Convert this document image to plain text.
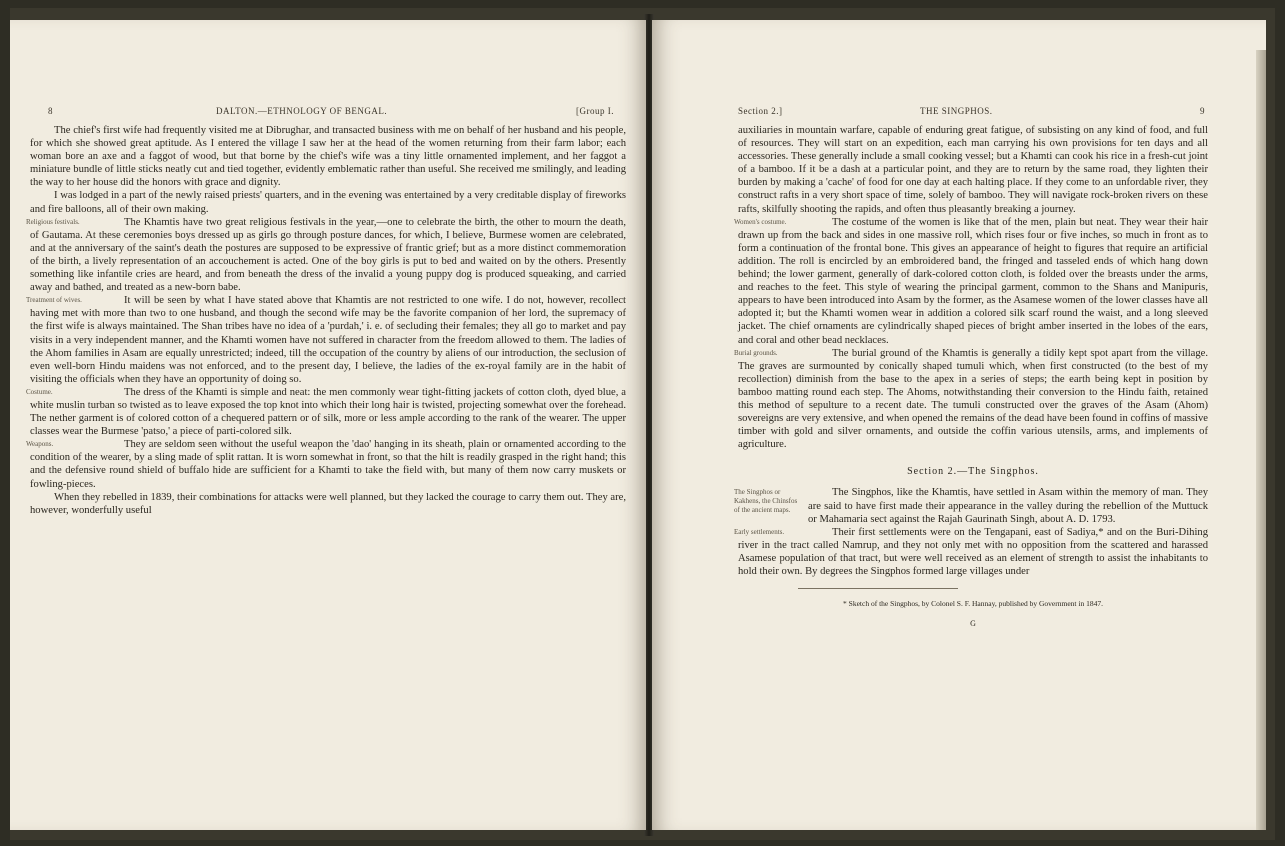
8	DALTON.—ETHNOLOGY OF BENGAL.	[Group I.

The chief's first wife had frequently visited me at Dibrughar, and transacted business with me on behalf of her husband and his people, for which she showed great aptitude. As I entered the village I saw her at the head of the women returning from their farm labor; each woman bore an axe and a faggot of wood, but that borne by the chief's wife was a tiny little ornamented implement, and her faggot a miniature bundle of little sticks neatly cut and tied together, evidently emblematic rather than useful. She received me smilingly, and leading the way to her house did the honors with grace and dignity.

I was lodged in a part of the newly raised priests' quarters, and in the evening was entertained by a very creditable display of fireworks and fire balloons, all of their own making.

Religious festivals.	The Khamtis have two great religious festivals in the year,—one to celebrate the birth, the other to mourn the death, of Gautama. At these ceremonies boys dressed up as girls go through posture dances, for which, I believe, Burmese women are celebrated, and at the anniversary of the saint's death the postures are supposed to be expressive of frantic grief; but as a more distinct commemoration of the birth, a lively representation of an accouchement is acted. One of the boy girls is put to bed and waited on by the others. Presently something like infantile cries are heard, and from beneath the dress of the invalid a young puppy dog is produced squeaking, and carried away and bathed, and treated as a new-born babe.

Treatment of wives.	It will be seen by what I have stated above that Khamtis are not restricted to one wife. I do not, however, recollect having met with more than two to one husband, and though the second wife may be the favorite companion of her lord, the supremacy of the first wife is always maintained. The Shan tribes have no idea of a 'purdah,' i. e. of secluding their females; they all go to market and pay visits in a very independent manner, and the Khamti women have not suffered in character from the freedom allowed to them. The ladies of the Ahom families in Asam are equally unrestricted; indeed, till the occupation of the country by aliens of our introduction, the seclusion of even well-born Hindu maidens was not enforced, and to the present day, I believe, the ladies of the ex-royal family are in the habit of visiting the officials when they have an opportunity of doing so.

Costume.	The dress of the Khamti is simple and neat: the men commonly wear tight-fitting jackets of cotton cloth, dyed blue, a white muslin turban so twisted as to leave exposed the top knot into which their long hair is twisted, projecting somewhat over the forehead. The nether garment is of colored cotton of a chequered pattern or of silk, more or less ample according to the rank of the wearer. The upper classes wear the Burmese 'patso,' a piece of parti-colored silk.

Weapons.	They are seldom seen without the useful weapon the 'dao' hanging in its sheath, plain or ornamented according to the condition of the wearer, by a sling made of split rattan. It is worn somewhat in front, so that the hilt is readily grasped in the right hand; this and the defensive round shield of buffalo hide are sufficient for a Khamti to take the field with, but many of them now carry muskets or fowling-pieces.

When they rebelled in 1839, their combinations for attacks were well planned, but they lacked the courage to carry them out. They are, however, wonderfully useful

Section 2.]	THE SINGPHOS.	9

auxiliaries in mountain warfare, capable of enduring great fatigue, of subsisting on any kind of food, and full of resources. They will start on an expedition, each man carrying his own provisions for ten days and all accessories. These generally include a small cooking vessel; but a Khamti can cook his rice in a fresh-cut joint of a bamboo. If it be a dash at a particular point, and they are to return by the same road, they lighten their burden by making a 'cache' of food for one day at each halting place. If they come to an unfordable river, they construct rafts in a very short space of time, solely of bamboo. They will navigate rock-broken rivers on these rafts, skilfully shooting the rapids, and often thus pleasantly breaking a journey.

Women's costume.	The costume of the women is like that of the men, plain but neat. They wear their hair drawn up from the back and sides in one massive roll, which rises four or five inches, so much in front as to form a continuation of the frontal bone. This gives an appearance of height to figures that require an artificial addition. The roll is encircled by an embroidered band, the fringed and tasseled ends of which hang down behind; the lower garment, generally of dark-colored cotton cloth, is folded over the breasts under the arms, and reaches to the feet. This style of wearing the principal garment, common to the Shans and Manipuris, appears to have been introduced into Asam by the former, as the Asamese women of the lower classes have all adopted it; but the Khamti women wear in addition a colored silk scarf round the waist, and a long sleeved jacket. The chief ornaments are cylindrically shaped pieces of bright amber inserted in the lobes of the ears, and coral and other bead necklaces.

Burial grounds.	The burial ground of the Khamtis is generally a tidily kept spot apart from the village. The graves are surmounted by conically shaped tumuli which, when first constructed (to the best of my recollection) diminish from the base to the apex in a series of steps; the earth being kept in position by bamboo matting round each step. The Ahoms, notwithstanding their conversion to the Hindu faith, retained this method of sepulture to a recent date. The tumuli constructed over the graves of the Asam (Ahom) sovereigns are very extensive, and when opened the remains of the dead have been found in coffins of massive timber with gold and silver ornaments, and outside the coffin various utensils, arms, and implements of agriculture.

Section 2.—The Singphos.

The Singphos or Kakhens, the Chinsfos of the ancient maps.
The Singphos, like the Khamtis, have settled in Asam within the memory of man. They are said to have first made their appearance in the valley during the rebellion of the Muttuck or Mahamaria sect against the Rajah Gaurinath Singh, about A. D. 1793.

Early settlements.	Their first settlements were on the Tengapani, east of Sadiya,* and on the Buri-Dihing river in the tract called Namrup, and they not only met with no opposition from the scattered and harassed Asamese population of that tract, but were well received as an element of strength to assist the inhabitants to hold their own. By degrees the Singphos formed large villages under

* Sketch of the Singphos, by Colonel S. F. Hannay, published by Government in 1847.

G
